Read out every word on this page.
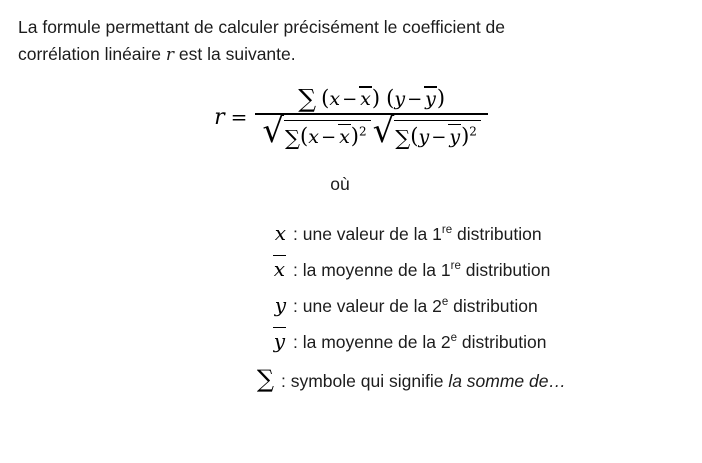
La formule permettant de calculer précisément le coefficient de
corrélation linéaire r est la suivante.
r =
∑ (x − x) (y − y)
√ $\sum(x - x)^2$ √ $\sum(y - y)^2$
où
x : une valeur de la 1re distribution
x : la moyenne de la 1re distribution
y : une valeur de la 2e distribution
y : la moyenne de la 2e distribution
∑ : symbole qui signifie la somme de…
